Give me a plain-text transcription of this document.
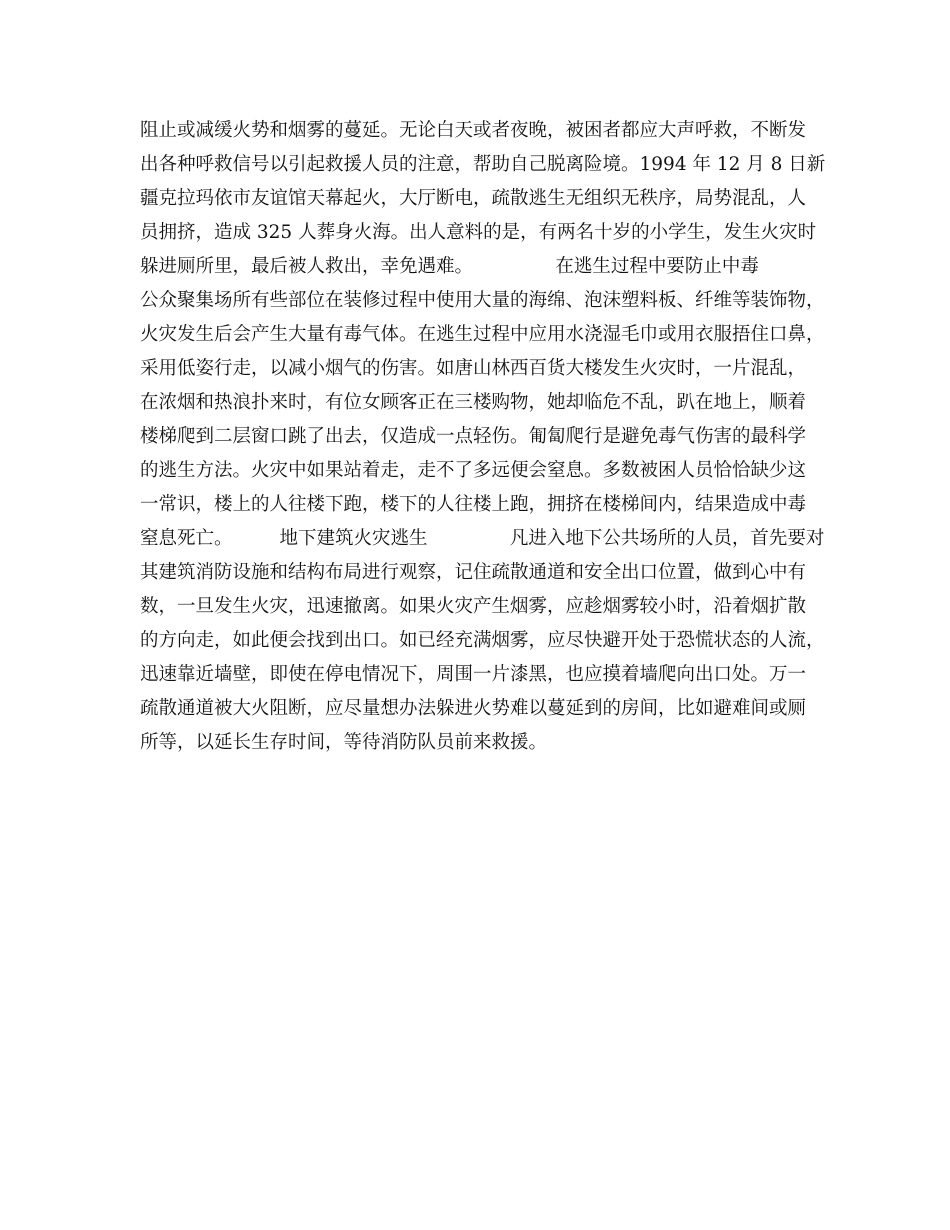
阻止或减缓火势和烟雾的蔓延。无论白天或者夜晚，被困者都应大声呼救，不断发
出各种呼救信号以引起救援人员的注意，帮助自己脱离险境。1994 年 12 月 8 日新
疆克拉玛依市友谊馆天幕起火，大厅断电，疏散逃生无组织无秩序，局势混乱，人
员拥挤，造成 325 人葬身火海。出人意料的是，有两名十岁的小学生，发生火灾时
躲进厕所里，最后被人救出，幸免遇难。              在逃生过程中要防止中毒
公众聚集场所有些部位在装修过程中使用大量的海绵、泡沫塑料板、纤维等装饰物，
火灾发生后会产生大量有毒气体。在逃生过程中应用水浇湿毛巾或用衣服捂住口鼻，
采用低姿行走，以减小烟气的伤害。如唐山林西百货大楼发生火灾时，一片混乱，
在浓烟和热浪扑来时，有位女顾客正在三楼购物，她却临危不乱，趴在地上，顺着
楼梯爬到二层窗口跳了出去，仅造成一点轻伤。匍匐爬行是避免毒气伤害的最科学
的逃生方法。火灾中如果站着走，走不了多远便会窒息。多数被困人员恰恰缺少这
一常识，楼上的人往楼下跑，楼下的人往楼上跑，拥挤在楼梯间内，结果造成中毒
窒息死亡。        地下建筑火灾逃生              凡进入地下公共场所的人员，首先要对
其建筑消防设施和结构布局进行观察，记住疏散通道和安全出口位置，做到心中有
数，一旦发生火灾，迅速撤离。如果火灾产生烟雾，应趁烟雾较小时，沿着烟扩散
的方向走，如此便会找到出口。如已经充满烟雾，应尽快避开处于恐慌状态的人流，
迅速靠近墙壁，即使在停电情况下，周围一片漆黑，也应摸着墙爬向出口处。万一
疏散通道被大火阻断，应尽量想办法躲进火势难以蔓延到的房间，比如避难间或厕
所等，以延长生存时间，等待消防队员前来救援。
